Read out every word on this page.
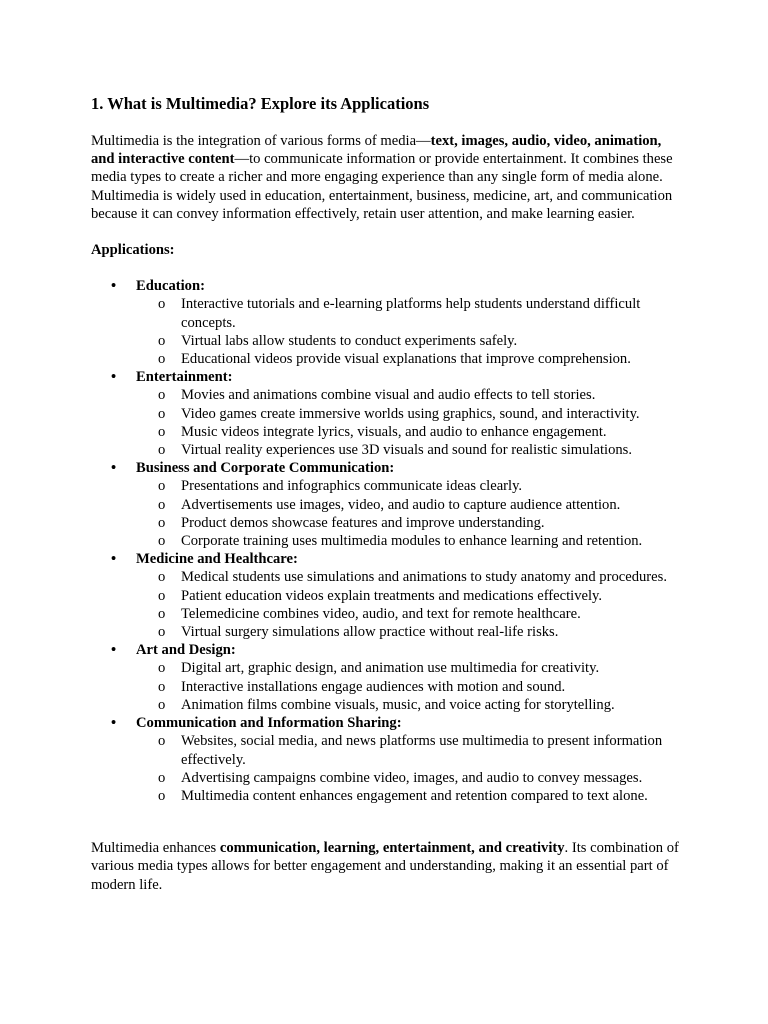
1. What is Multimedia? Explore its Applications

Multimedia is the integration of various forms of media—text, images, audio, video, animation, and interactive content—to communicate information or provide entertainment. It combines these media types to create a richer and more engaging experience than any single form of media alone. Multimedia is widely used in education, entertainment, business, medicine, art, and communication because it can convey information effectively, retain user attention, and make learning easier.

Applications:

• Education:
o Interactive tutorials and e-learning platforms help students understand difficult concepts.
o Virtual labs allow students to conduct experiments safely.
o Educational videos provide visual explanations that improve comprehension.
• Entertainment:
o Movies and animations combine visual and audio effects to tell stories.
o Video games create immersive worlds using graphics, sound, and interactivity.
o Music videos integrate lyrics, visuals, and audio to enhance engagement.
o Virtual reality experiences use 3D visuals and sound for realistic simulations.
• Business and Corporate Communication:
o Presentations and infographics communicate ideas clearly.
o Advertisements use images, video, and audio to capture audience attention.
o Product demos showcase features and improve understanding.
o Corporate training uses multimedia modules to enhance learning and retention.
• Medicine and Healthcare:
o Medical students use simulations and animations to study anatomy and procedures.
o Patient education videos explain treatments and medications effectively.
o Telemedicine combines video, audio, and text for remote healthcare.
o Virtual surgery simulations allow practice without real-life risks.
• Art and Design:
o Digital art, graphic design, and animation use multimedia for creativity.
o Interactive installations engage audiences with motion and sound.
o Animation films combine visuals, music, and voice acting for storytelling.
• Communication and Information Sharing:
o Websites, social media, and news platforms use multimedia to present information effectively.
o Advertising campaigns combine video, images, and audio to convey messages.
o Multimedia content enhances engagement and retention compared to text alone.

Multimedia enhances communication, learning, entertainment, and creativity. Its combination of various media types allows for better engagement and understanding, making it an essential part of modern life.
